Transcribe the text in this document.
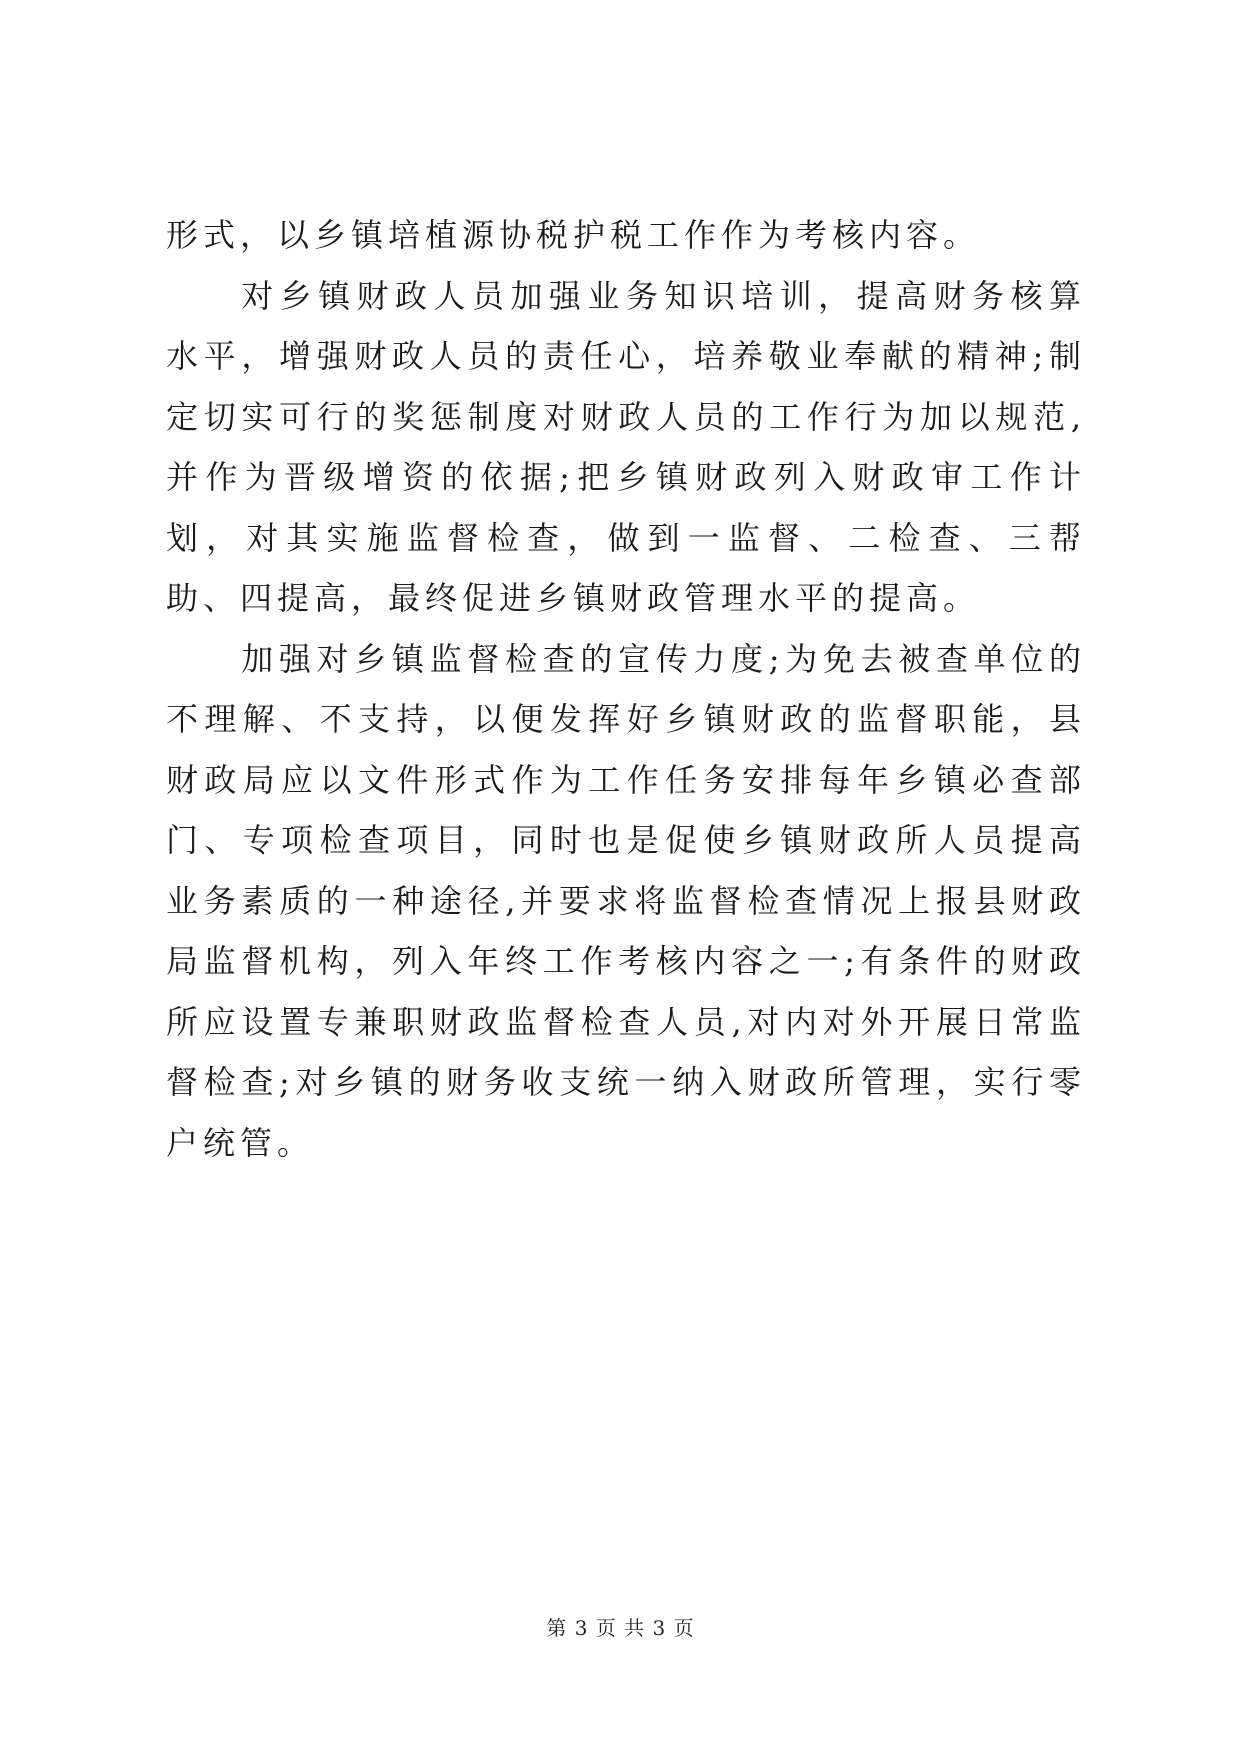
形式，以乡镇培植源协税护税工作作为考核内容。

对乡镇财政人员加强业务知识培训，提高财务核算水平，增强财政人员的责任心，培养敬业奉献的精神;制定切实可行的奖惩制度对财政人员的工作行为加以规范,并作为晋级增资的依据;把乡镇财政列入财政审工作计划，对其实施监督检查，做到一监督、二检查、三帮助、四提高，最终促进乡镇财政管理水平的提高。

加强对乡镇监督检查的宣传力度;为免去被查单位的不理解、不支持，以便发挥好乡镇财政的监督职能，县财政局应以文件形式作为工作任务安排每年乡镇必查部门、专项检查项目，同时也是促使乡镇财政所人员提高业务素质的一种途径,并要求将监督检查情况上报县财政局监督机构，列入年终工作考核内容之一;有条件的财政所应设置专兼职财政监督检查人员,对内对外开展日常监督检查;对乡镇的财务收支统一纳入财政所管理，实行零户统管。

第 3 页 共 3 页
